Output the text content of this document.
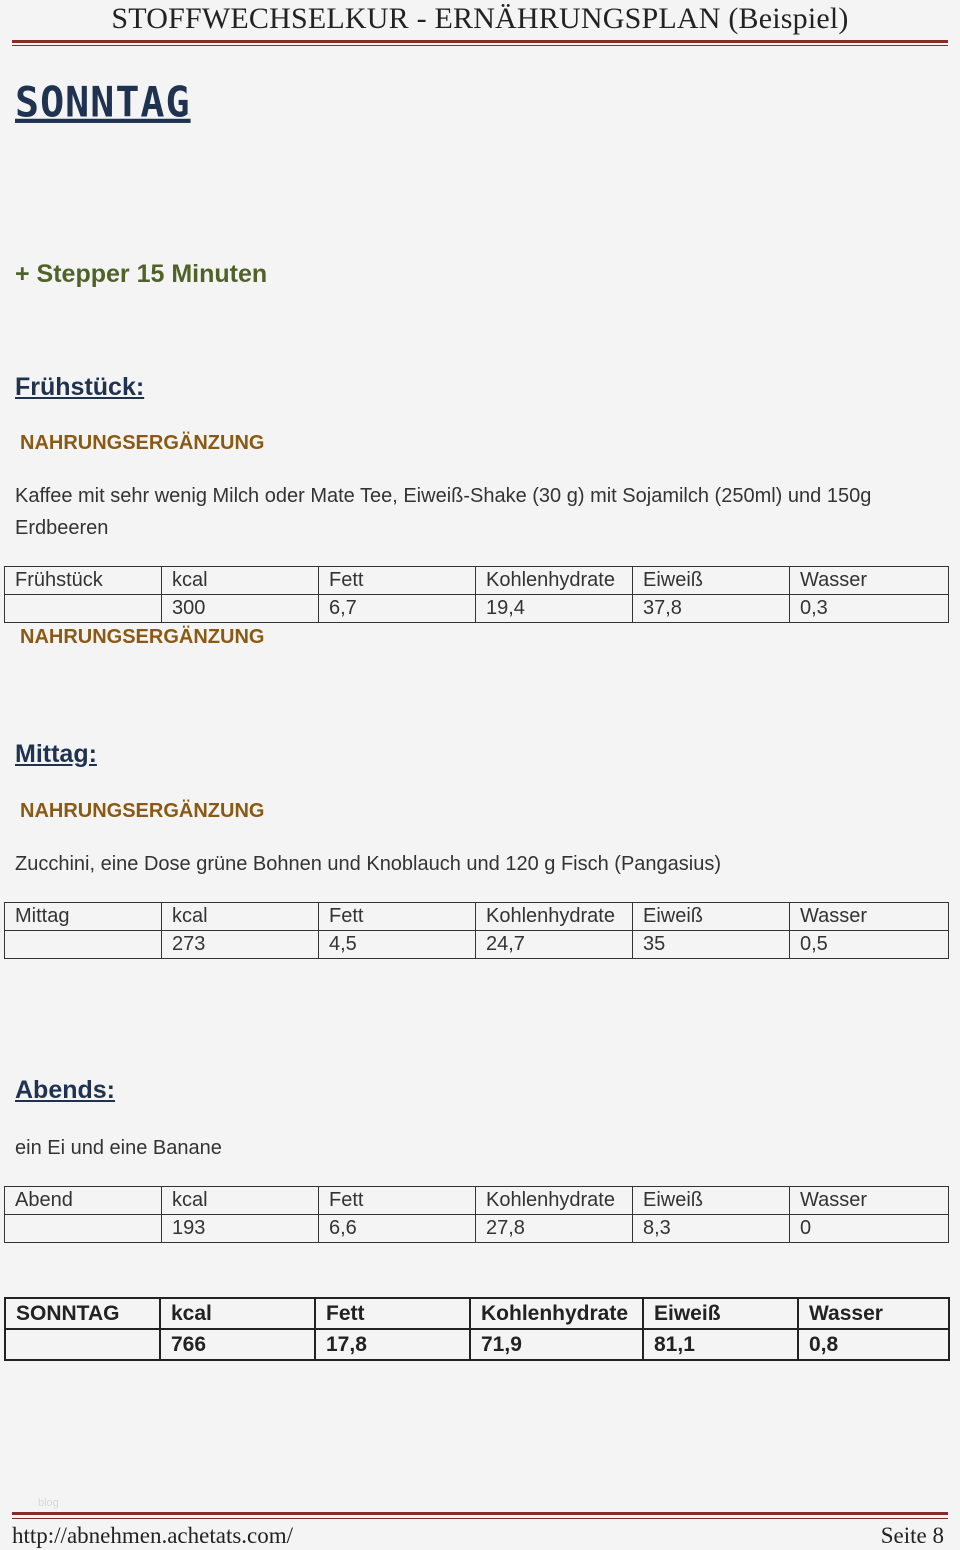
STOFFWECHSELKUR - ERNÄHRUNGSPLAN (Beispiel)
SONNTAG
+ Stepper 15 Minuten
Frühstück:
NAHRUNGSERGÄNZUNG
Kaffee mit sehr wenig Milch oder Mate Tee, Eiweiß-Shake (30 g) mit Sojamilch (250ml) und 150g Erdbeeren
Frühstück	kcal	Fett	Kohlenhydrate	Eiweiß	Wasser
	300	6,7	19,4	37,8	0,3
NAHRUNGSERGÄNZUNG
Mittag:
NAHRUNGSERGÄNZUNG
Zucchini, eine Dose grüne Bohnen und Knoblauch und 120 g Fisch (Pangasius)
Mittag	kcal	Fett	Kohlenhydrate	Eiweiß	Wasser
	273	4,5	24,7	35	0,5
Abends:
ein Ei und eine Banane
Abend	kcal	Fett	Kohlenhydrate	Eiweiß	Wasser
	193	6,6	27,8	8,3	0
SONNTAG	kcal	Fett	Kohlenhydrate	Eiweiß	Wasser
	766	17,8	71,9	81,1	0,8
blog
http://abnehmen.achetats.com/	Seite 8
